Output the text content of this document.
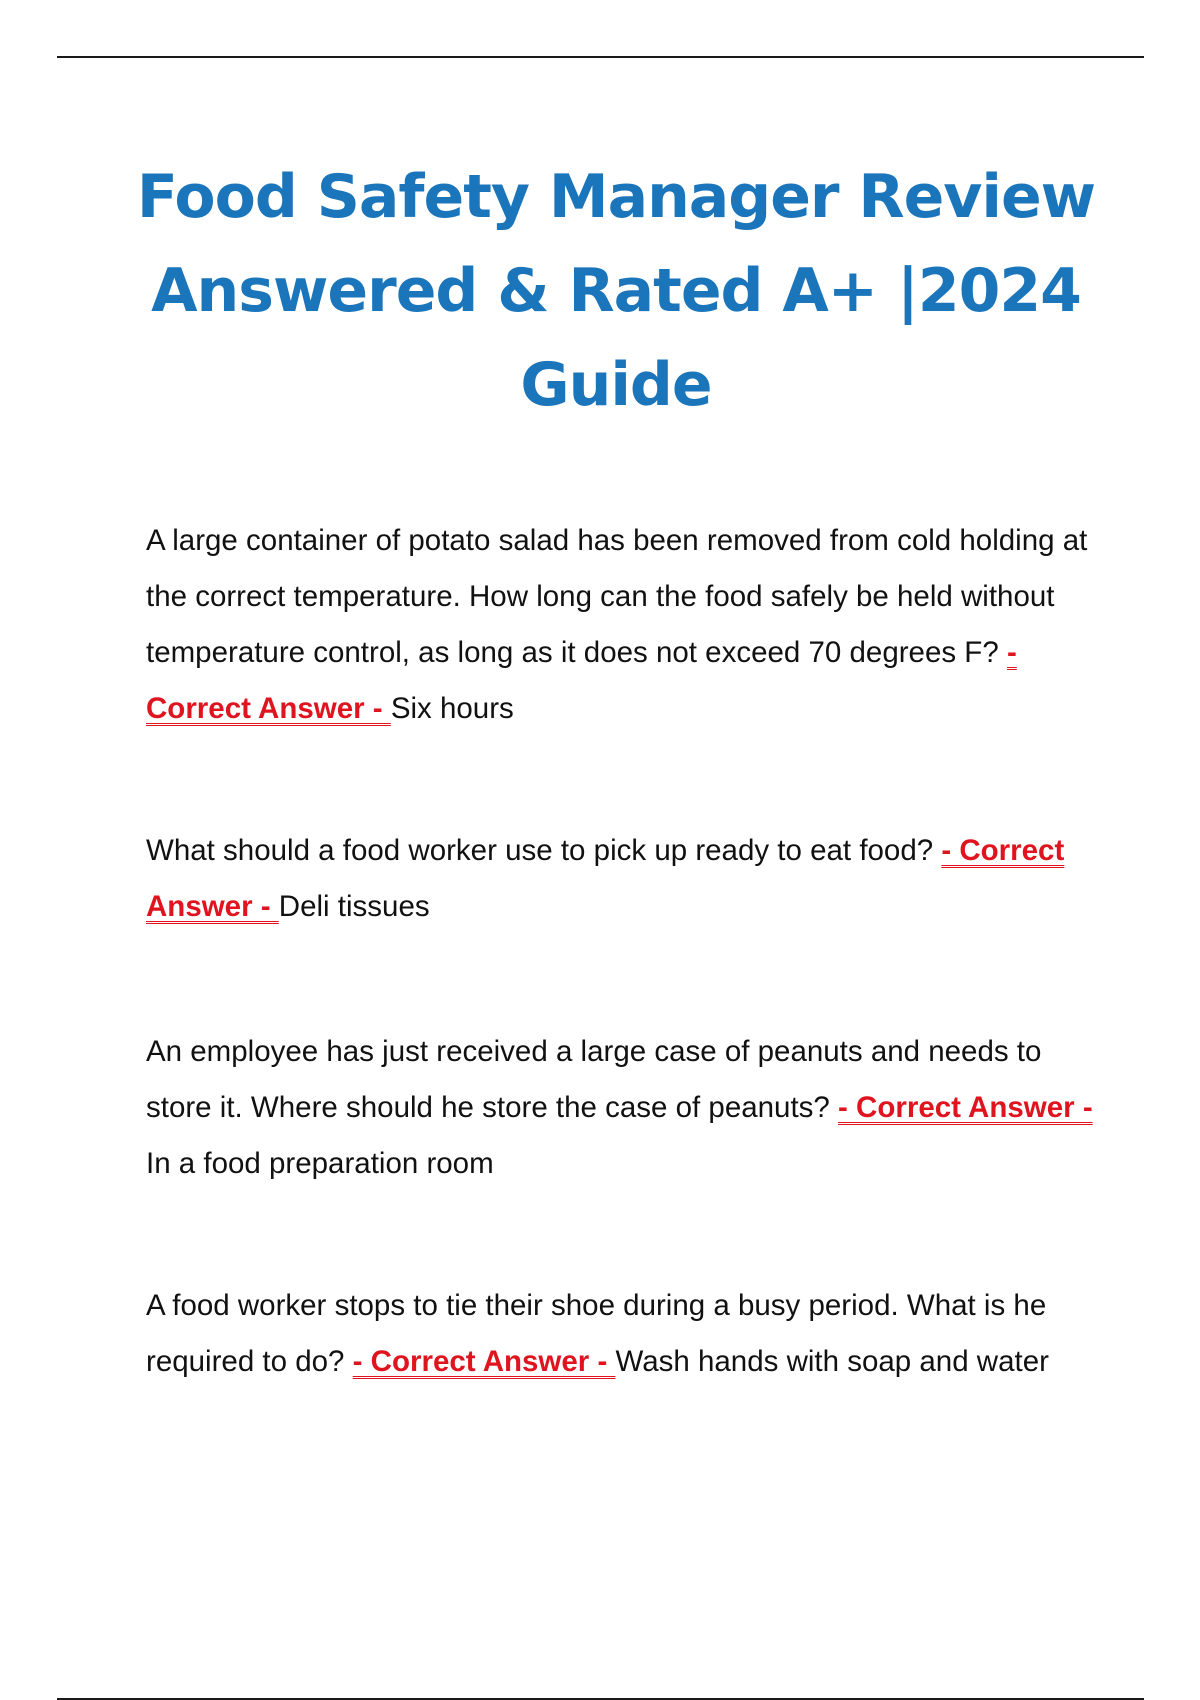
Food Safety Manager Review
Answered & Rated A+ |2024
Guide

A large container of potato salad has been removed from cold holding at the correct temperature. How long can the food safely be held without temperature control, as long as it does not exceed 70 degrees F? - Correct Answer - Six hours

What should a food worker use to pick up ready to eat food? - Correct Answer - Deli tissues

An employee has just received a large case of peanuts and needs to store it. Where should he store the case of peanuts? - Correct Answer - In a food preparation room

A food worker stops to tie their shoe during a busy period. What is he required to do? - Correct Answer - Wash hands with soap and water
